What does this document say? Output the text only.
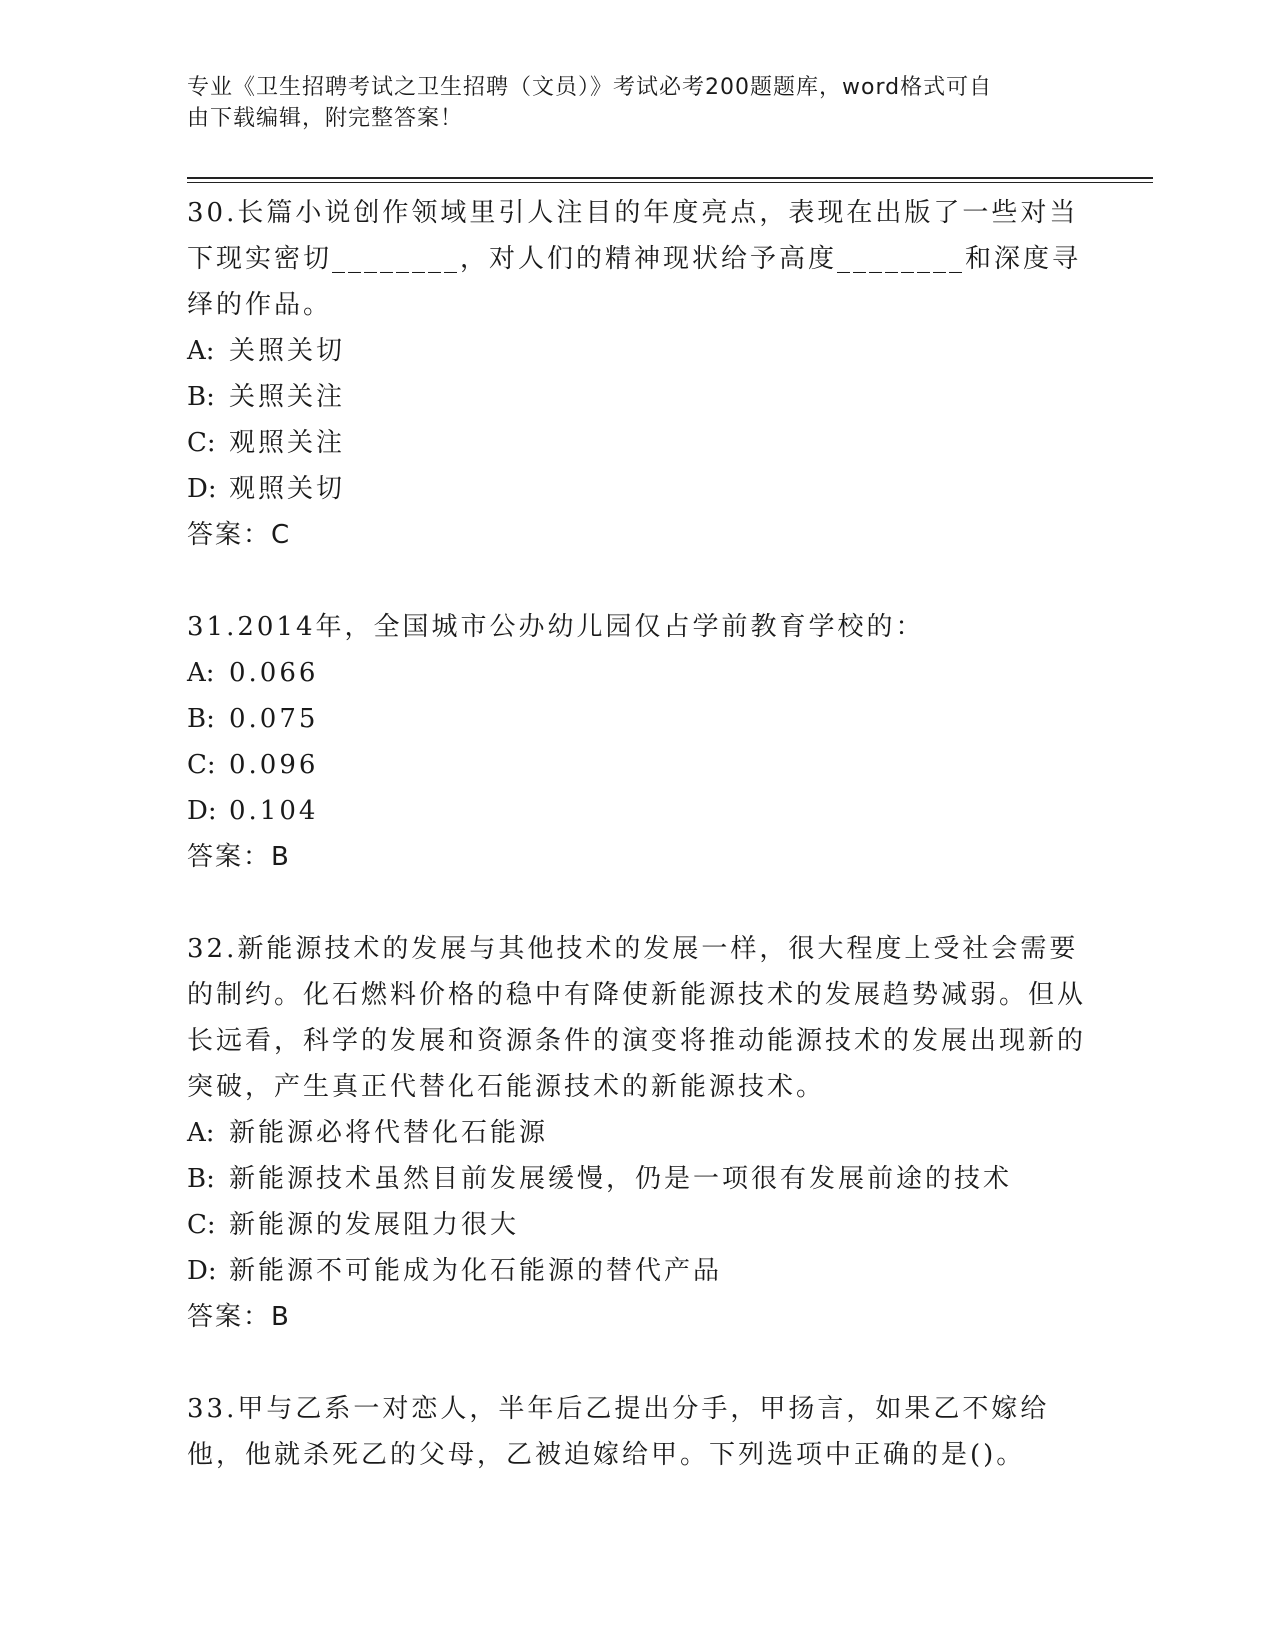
专业《卫生招聘考试之卫生招聘（文员）》考试必考200题题库，word格式可自
由下载编辑，附完整答案！

30.长篇小说创作领域里引人注目的年度亮点，表现在出版了一些对当下现实密切________，对人们的精神现状给予高度________和深度寻绎的作品。

A: 关照关切

B: 关照关注

C: 观照关注

D: 观照关切

答案：C

31.2014年，全国城市公办幼儿园仅占学前教育学校的：

A: 0.066

B: 0.075

C: 0.096

D: 0.104

答案：B

32.新能源技术的发展与其他技术的发展一样，很大程度上受社会需要的制约。化石燃料价格的稳中有降使新能源技术的发展趋势减弱。但从长远看，科学的发展和资源条件的演变将推动能源技术的发展出现新的突破，产生真正代替化石能源技术的新能源技术。

A: 新能源必将代替化石能源

B: 新能源技术虽然目前发展缓慢，仍是一项很有发展前途的技术

C: 新能源的发展阻力很大

D: 新能源不可能成为化石能源的替代产品

答案：B

33.甲与乙系一对恋人，半年后乙提出分手，甲扬言，如果乙不嫁给他，他就杀死乙的父母，乙被迫嫁给甲。下列选项中正确的是()。
